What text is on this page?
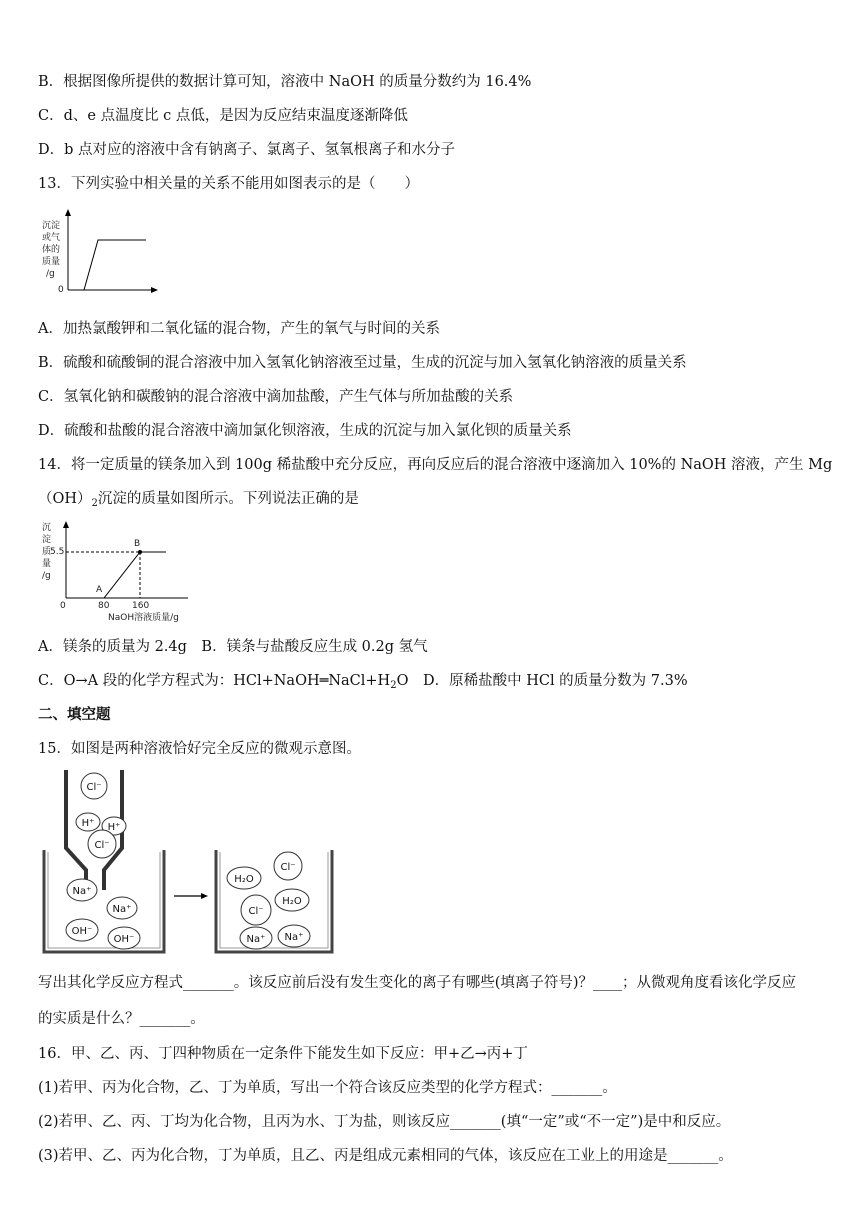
B．根据图像所提供的数据计算可知，溶液中 NaOH 的质量分数约为 16.4%
C．d、e 点温度比 c 点低，是因为反应结束温度逐渐降低
D．b 点对应的溶液中含有钠离子、氯离子、氢氧根离子和水分子
13．下列实验中相关量的关系不能用如图表示的是（　　）
沉淀
或气
体的
质量
/g
0
A．加热氯酸钾和二氧化锰的混合物，产生的氧气与时间的关系
B．硫酸和硫酸铜的混合溶液中加入氢氧化钠溶液至过量，生成的沉淀与加入氢氧化钠溶液的质量关系
C．氢氧化钠和碳酸钠的混合溶液中滴加盐酸，产生气体与所加盐酸的关系
D．硫酸和盐酸的混合溶液中滴加氯化钡溶液，生成的沉淀与加入氯化钡的质量关系
14．将一定质量的镁条加入到 100g 稀盐酸中充分反应，再向反应后的混合溶液中逐滴加入 10%的 NaOH 溶液，产生 Mg
$(OH)_2$沉淀的质量如图所示。下列说法正确的是
沉
淀
质
量
/g
5.5
A
B
0	80	160
NaOH溶液质量/g
A．镁条的质量为 2.4g　B．镁条与盐酸反应生成 0.2g 氢气
C．O→A 段的化学方程式为：$HCl+NaOH═NaCl+H_2O$　D．原稀盐酸中 HCl 的质量分数为 7.3%
二、填空题
15．如图是两种溶液恰好完全反应的微观示意图。
Cl⁻
H⁺ H⁺
Cl⁻
Na⁺
Na⁺
OH⁻
OH⁻
Cl⁻
H₂O
H₂O
Cl⁻
Na⁺ Na⁺
写出其化学反应方程式_______。该反应前后没有发生变化的离子有哪些(填离子符号)？____；从微观角度看该化学反应
的实质是什么？_______。
16．甲、乙、丙、丁四种物质在一定条件下能发生如下反应：甲+乙→丙+丁
(1)若甲、丙为化合物，乙、丁为单质，写出一个符合该反应类型的化学方程式：_______。
(2)若甲、乙、丙、丁均为化合物，且丙为水、丁为盐，则该反应_______(填“一定”或“不一定”)是中和反应。
(3)若甲、乙、丙为化合物，丁为单质，且乙、丙是组成元素相同的气体，该反应在工业上的用途是_______。
